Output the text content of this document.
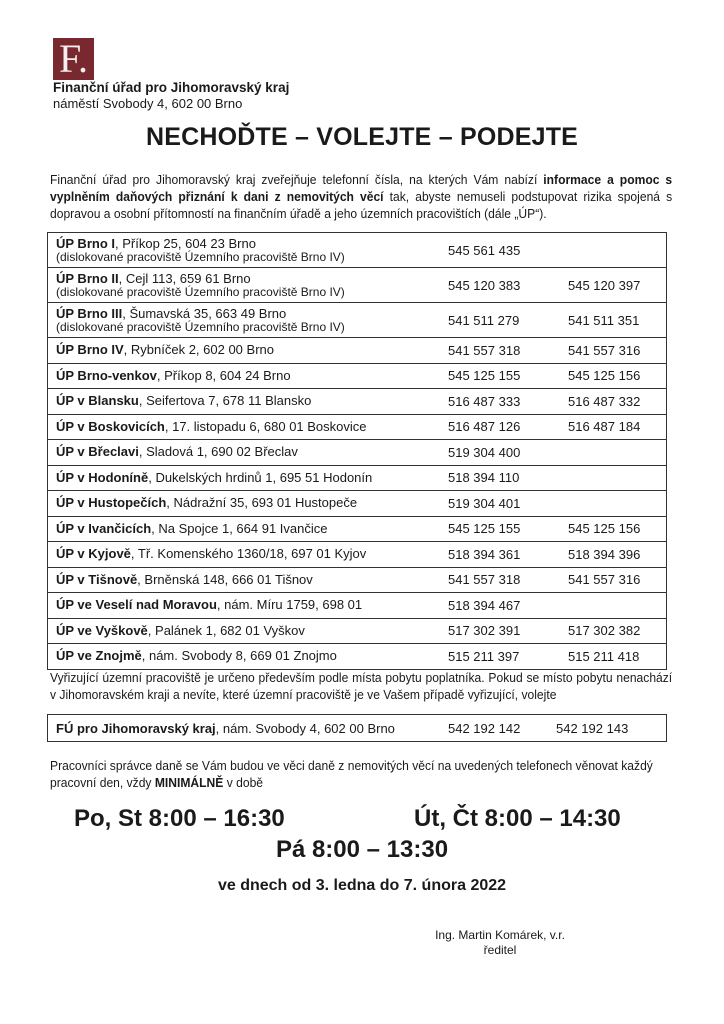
F.
Finanční úřad pro Jihomoravský kraj
náměstí Svobody 4, 602 00 Brno
NECHOĎTE – VOLEJTE – PODEJTE
Finanční úřad pro Jihomoravský kraj zveřejňuje telefonní čísla, na kterých Vám nabízí informace a pomoc s vyplněním daňových přiznání k dani z nemovitých věcí tak, abyste nemuseli podstupovat rizika spojená s dopravou a osobní přítomností na finančním úřadě a jeho územních pracovištích (dále „ÚP“).
ÚP Brno I, Příkop 25, 604 23 Brno
(dislokované pracoviště Územního pracoviště Brno IV)	545 561 435	
ÚP Brno II, Cejl 113, 659 61 Brno
(dislokované pracoviště Územního pracoviště Brno IV)	545 120 383	545 120 397
ÚP Brno III, Šumavská 35, 663 49 Brno
(dislokované pracoviště Územního pracoviště Brno IV)	541 511 279	541 511 351
ÚP Brno IV, Rybníček 2, 602 00 Brno	541 557 318	541 557 316
ÚP Brno-venkov, Příkop 8, 604 24 Brno	545 125 155	545 125 156
ÚP v Blansku, Seifertova 7, 678 11 Blansko	516 487 333	516 487 332
ÚP v Boskovicích, 17. listopadu 6, 680 01 Boskovice	516 487 126	516 487 184
ÚP v Břeclavi, Sladová 1, 690 02 Břeclav	519 304 400	
ÚP v Hodoníně, Dukelských hrdinů 1, 695 51 Hodonín	518 394 110	
ÚP v Hustopečích, Nádražní 35, 693 01 Hustopeče	519 304 401	
ÚP v Ivančicích, Na Spojce 1, 664 91 Ivančice	545 125 155	545 125 156
ÚP v Kyjově, Tř. Komenského 1360/18, 697 01 Kyjov	518 394 361	518 394 396
ÚP v Tišnově, Brněnská 148, 666 01 Tišnov	541 557 318	541 557 316
ÚP ve Veselí nad Moravou, nám. Míru 1759, 698 01	518 394 467	
ÚP ve Vyškově, Palánek 1, 682 01 Vyškov	517 302 391	517 302 382
ÚP ve Znojmě, nám. Svobody 8, 669 01 Znojmo	515 211 397	515 211 418
Vyřizující územní pracoviště je určeno především podle místa pobytu poplatníka. Pokud se místo pobytu nenachází v Jihomoravském kraji a nevíte, které územní pracoviště je ve Vašem případě vyřizující, volejte
FÚ pro Jihomoravský kraj, nám. Svobody 4, 602 00 Brno	542 192 142	542 192 143
Pracovníci správce daně se Vám budou ve věci daně z nemovitých věcí na uvedených telefonech věnovat každý pracovní den, vždy MINIMÁLNĚ v době
Po, St 8:00 – 16:30	Út, Čt 8:00 – 14:30
Pá 8:00 – 13:30
ve dnech od 3. ledna do 7. února 2022
Ing. Martin Komárek, v.r.
ředitel
